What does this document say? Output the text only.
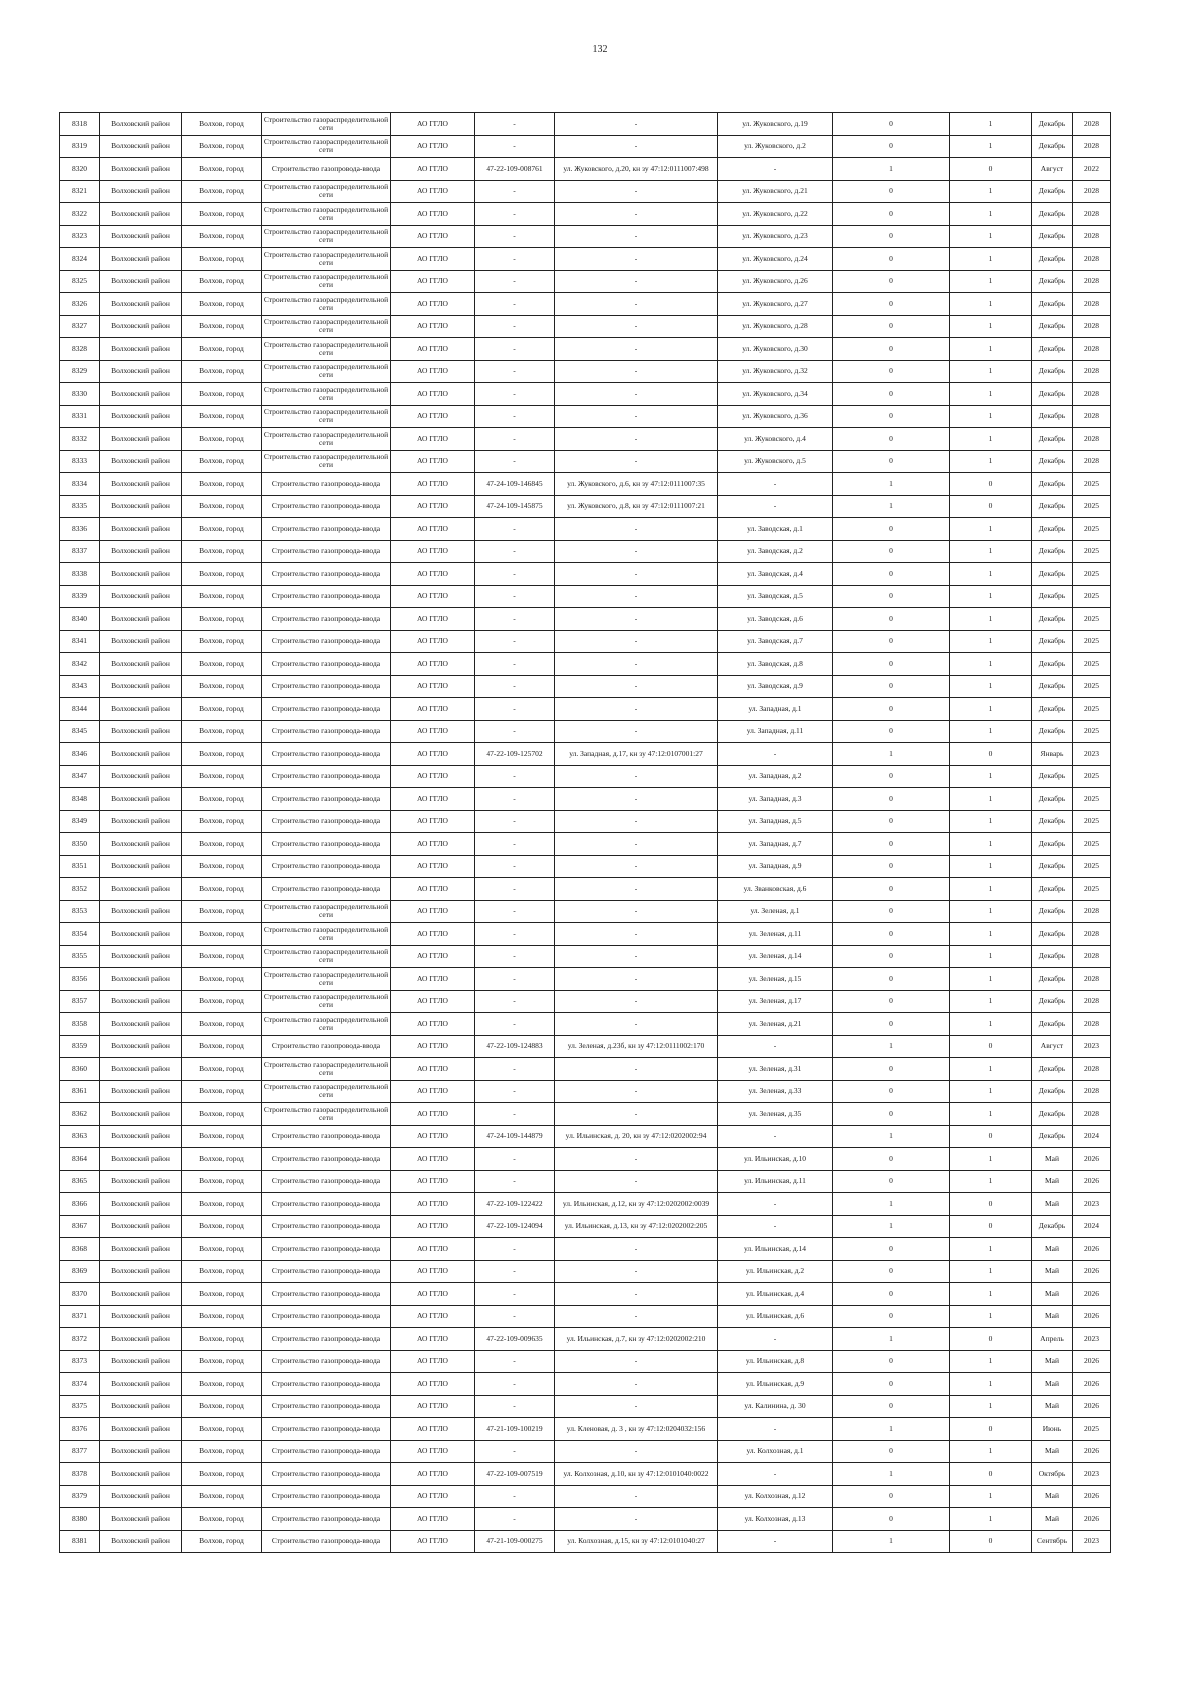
132
8318	Волховский район	Волхов, город	Строительство газораспределительной сети	АО ГГЛО	-	-	ул. Жуковского, д.19	0	1	Декабрь	2028
8319	Волховский район	Волхов, город	Строительство газораспределительной сети	АО ГГЛО	-	-	ул. Жуковского, д.2	0	1	Декабрь	2028
8320	Волховский район	Волхов, город	Строительство газопровода-ввода	АО ГГЛО	47-22-109-008761	ул. Жуковского, д.20, кн зу 47:12:0111007:498	-	1	0	Август	2022
8321	Волховский район	Волхов, город	Строительство газораспределительной сети	АО ГГЛО	-	-	ул. Жуковского, д.21	0	1	Декабрь	2028
8322	Волховский район	Волхов, город	Строительство газораспределительной сети	АО ГГЛО	-	-	ул. Жуковского, д.22	0	1	Декабрь	2028
8323	Волховский район	Волхов, город	Строительство газораспределительной сети	АО ГГЛО	-	-	ул. Жуковского, д.23	0	1	Декабрь	2028
8324	Волховский район	Волхов, город	Строительство газораспределительной сети	АО ГГЛО	-	-	ул. Жуковского, д.24	0	1	Декабрь	2028
8325	Волховский район	Волхов, город	Строительство газораспределительной сети	АО ГГЛО	-	-	ул. Жуковского, д.26	0	1	Декабрь	2028
8326	Волховский район	Волхов, город	Строительство газораспределительной сети	АО ГГЛО	-	-	ул. Жуковского, д.27	0	1	Декабрь	2028
8327	Волховский район	Волхов, город	Строительство газораспределительной сети	АО ГГЛО	-	-	ул. Жуковского, д.28	0	1	Декабрь	2028
8328	Волховский район	Волхов, город	Строительство газораспределительной сети	АО ГГЛО	-	-	ул. Жуковского, д.30	0	1	Декабрь	2028
8329	Волховский район	Волхов, город	Строительство газораспределительной сети	АО ГГЛО	-	-	ул. Жуковского, д.32	0	1	Декабрь	2028
8330	Волховский район	Волхов, город	Строительство газораспределительной сети	АО ГГЛО	-	-	ул. Жуковского, д.34	0	1	Декабрь	2028
8331	Волховский район	Волхов, город	Строительство газораспределительной сети	АО ГГЛО	-	-	ул. Жуковского, д.36	0	1	Декабрь	2028
8332	Волховский район	Волхов, город	Строительство газораспределительной сети	АО ГГЛО	-	-	ул. Жуковского, д.4	0	1	Декабрь	2028
8333	Волховский район	Волхов, город	Строительство газораспределительной сети	АО ГГЛО	-	-	ул. Жуковского, д.5	0	1	Декабрь	2028
8334	Волховский район	Волхов, город	Строительство газопровода-ввода	АО ГГЛО	47-24-109-146845	ул. Жуковского, д.6, кн зу 47:12:0111007:35	-	1	0	Декабрь	2025
8335	Волховский район	Волхов, город	Строительство газопровода-ввода	АО ГГЛО	47-24-109-145875	ул. Жуковского, д.8, кн зу 47:12:0111007:21	-	1	0	Декабрь	2025
8336	Волховский район	Волхов, город	Строительство газопровода-ввода	АО ГГЛО	-	-	ул. Заводская, д.1	0	1	Декабрь	2025
8337	Волховский район	Волхов, город	Строительство газопровода-ввода	АО ГГЛО	-	-	ул. Заводская, д.2	0	1	Декабрь	2025
8338	Волховский район	Волхов, город	Строительство газопровода-ввода	АО ГГЛО	-	-	ул. Заводская, д.4	0	1	Декабрь	2025
8339	Волховский район	Волхов, город	Строительство газопровода-ввода	АО ГГЛО	-	-	ул. Заводская, д.5	0	1	Декабрь	2025
8340	Волховский район	Волхов, город	Строительство газопровода-ввода	АО ГГЛО	-	-	ул. Заводская, д.6	0	1	Декабрь	2025
8341	Волховский район	Волхов, город	Строительство газопровода-ввода	АО ГГЛО	-	-	ул. Заводская, д.7	0	1	Декабрь	2025
8342	Волховский район	Волхов, город	Строительство газопровода-ввода	АО ГГЛО	-	-	ул. Заводская, д.8	0	1	Декабрь	2025
8343	Волховский район	Волхов, город	Строительство газопровода-ввода	АО ГГЛО	-	-	ул. Заводская, д.9	0	1	Декабрь	2025
8344	Волховский район	Волхов, город	Строительство газопровода-ввода	АО ГГЛО	-	-	ул. Западная, д.1	0	1	Декабрь	2025
8345	Волховский район	Волхов, город	Строительство газопровода-ввода	АО ГГЛО	-	-	ул. Западная, д.11	0	1	Декабрь	2025
8346	Волховский район	Волхов, город	Строительство газопровода-ввода	АО ГГЛО	47-22-109-125702	ул. Западная, д.17, кн зу 47:12:0107001:27	-	1	0	Январь	2023
8347	Волховский район	Волхов, город	Строительство газопровода-ввода	АО ГГЛО	-	-	ул. Западная, д.2	0	1	Декабрь	2025
8348	Волховский район	Волхов, город	Строительство газопровода-ввода	АО ГГЛО	-	-	ул. Западная, д.3	0	1	Декабрь	2025
8349	Волховский район	Волхов, город	Строительство газопровода-ввода	АО ГГЛО	-	-	ул. Западная, д.5	0	1	Декабрь	2025
8350	Волховский район	Волхов, город	Строительство газопровода-ввода	АО ГГЛО	-	-	ул. Западная, д.7	0	1	Декабрь	2025
8351	Волховский район	Волхов, город	Строительство газопровода-ввода	АО ГГЛО	-	-	ул. Западная, д.9	0	1	Декабрь	2025
8352	Волховский район	Волхов, город	Строительство газопровода-ввода	АО ГГЛО	-	-	ул. Званковская, д.6	0	1	Декабрь	2025
8353	Волховский район	Волхов, город	Строительство газораспределительной сети	АО ГГЛО	-	-	ул. Зеленая, д.1	0	1	Декабрь	2028
8354	Волховский район	Волхов, город	Строительство газораспределительной сети	АО ГГЛО	-	-	ул. Зеленая, д.11	0	1	Декабрь	2028
8355	Волховский район	Волхов, город	Строительство газораспределительной сети	АО ГГЛО	-	-	ул. Зеленая, д.14	0	1	Декабрь	2028
8356	Волховский район	Волхов, город	Строительство газораспределительной сети	АО ГГЛО	-	-	ул. Зеленая, д.15	0	1	Декабрь	2028
8357	Волховский район	Волхов, город	Строительство газораспределительной сети	АО ГГЛО	-	-	ул. Зеленая, д.17	0	1	Декабрь	2028
8358	Волховский район	Волхов, город	Строительство газораспределительной сети	АО ГГЛО	-	-	ул. Зеленая, д.21	0	1	Декабрь	2028
8359	Волховский район	Волхов, город	Строительство газопровода-ввода	АО ГГЛО	47-22-109-124883	ул. Зеленая, д.23б, кн зу 47:12:0111002:170	-	1	0	Август	2023
8360	Волховский район	Волхов, город	Строительство газораспределительной сети	АО ГГЛО	-	-	ул. Зеленая, д.31	0	1	Декабрь	2028
8361	Волховский район	Волхов, город	Строительство газораспределительной сети	АО ГГЛО	-	-	ул. Зеленая, д.33	0	1	Декабрь	2028
8362	Волховский район	Волхов, город	Строительство газораспределительной сети	АО ГГЛО	-	-	ул. Зеленая, д.35	0	1	Декабрь	2028
8363	Волховский район	Волхов, город	Строительство газопровода-ввода	АО ГГЛО	47-24-109-144879	ул. Ильинская, д. 20, кн зу 47:12:0202002:94	-	1	0	Декабрь	2024
8364	Волховский район	Волхов, город	Строительство газопровода-ввода	АО ГГЛО	-	-	ул. Ильинская, д.10	0	1	Май	2026
8365	Волховский район	Волхов, город	Строительство газопровода-ввода	АО ГГЛО	-	-	ул. Ильинская, д.11	0	1	Май	2026
8366	Волховский район	Волхов, город	Строительство газопровода-ввода	АО ГГЛО	47-22-109-122422	ул. Ильинская, д.12, кн зу 47:12:0202002:0039	-	1	0	Май	2023
8367	Волховский район	Волхов, город	Строительство газопровода-ввода	АО ГГЛО	47-22-109-124094	ул. Ильинская, д.13, кн зу 47:12:0202002:205	-	1	0	Декабрь	2024
8368	Волховский район	Волхов, город	Строительство газопровода-ввода	АО ГГЛО	-	-	ул. Ильинская, д.14	0	1	Май	2026
8369	Волховский район	Волхов, город	Строительство газопровода-ввода	АО ГГЛО	-	-	ул. Ильинская, д.2	0	1	Май	2026
8370	Волховский район	Волхов, город	Строительство газопровода-ввода	АО ГГЛО	-	-	ул. Ильинская, д.4	0	1	Май	2026
8371	Волховский район	Волхов, город	Строительство газопровода-ввода	АО ГГЛО	-	-	ул. Ильинская, д.6	0	1	Май	2026
8372	Волховский район	Волхов, город	Строительство газопровода-ввода	АО ГГЛО	47-22-109-009635	ул. Ильинская, д.7, кн зу 47:12:0202002:210	-	1	0	Апрель	2023
8373	Волховский район	Волхов, город	Строительство газопровода-ввода	АО ГГЛО	-	-	ул. Ильинская, д.8	0	1	Май	2026
8374	Волховский район	Волхов, город	Строительство газопровода-ввода	АО ГГЛО	-	-	ул. Ильинская, д.9	0	1	Май	2026
8375	Волховский район	Волхов, город	Строительство газопровода-ввода	АО ГГЛО	-	-	ул. Калинина, д. 30	0	1	Май	2026
8376	Волховский район	Волхов, город	Строительство газопровода-ввода	АО ГГЛО	47-21-109-100219	ул. Кленовая, д. 3 , кн зу 47:12:0204032:156	-	1	0	Июнь	2025
8377	Волховский район	Волхов, город	Строительство газопровода-ввода	АО ГГЛО	-	-	ул. Колхозная, д.1	0	1	Май	2026
8378	Волховский район	Волхов, город	Строительство газопровода-ввода	АО ГГЛО	47-22-109-007519	ул. Колхозная, д.10, кн зу 47:12:0101040:0022	-	1	0	Октябрь	2023
8379	Волховский район	Волхов, город	Строительство газопровода-ввода	АО ГГЛО	-	-	ул. Колхозная, д.12	0	1	Май	2026
8380	Волховский район	Волхов, город	Строительство газопровода-ввода	АО ГГЛО	-	-	ул. Колхозная, д.13	0	1	Май	2026
8381	Волховский район	Волхов, город	Строительство газопровода-ввода	АО ГГЛО	47-21-109-000275	ул. Колхозная, д.15, кн зу 47:12:0101040:27	-	1	0	Сентябрь	2023
